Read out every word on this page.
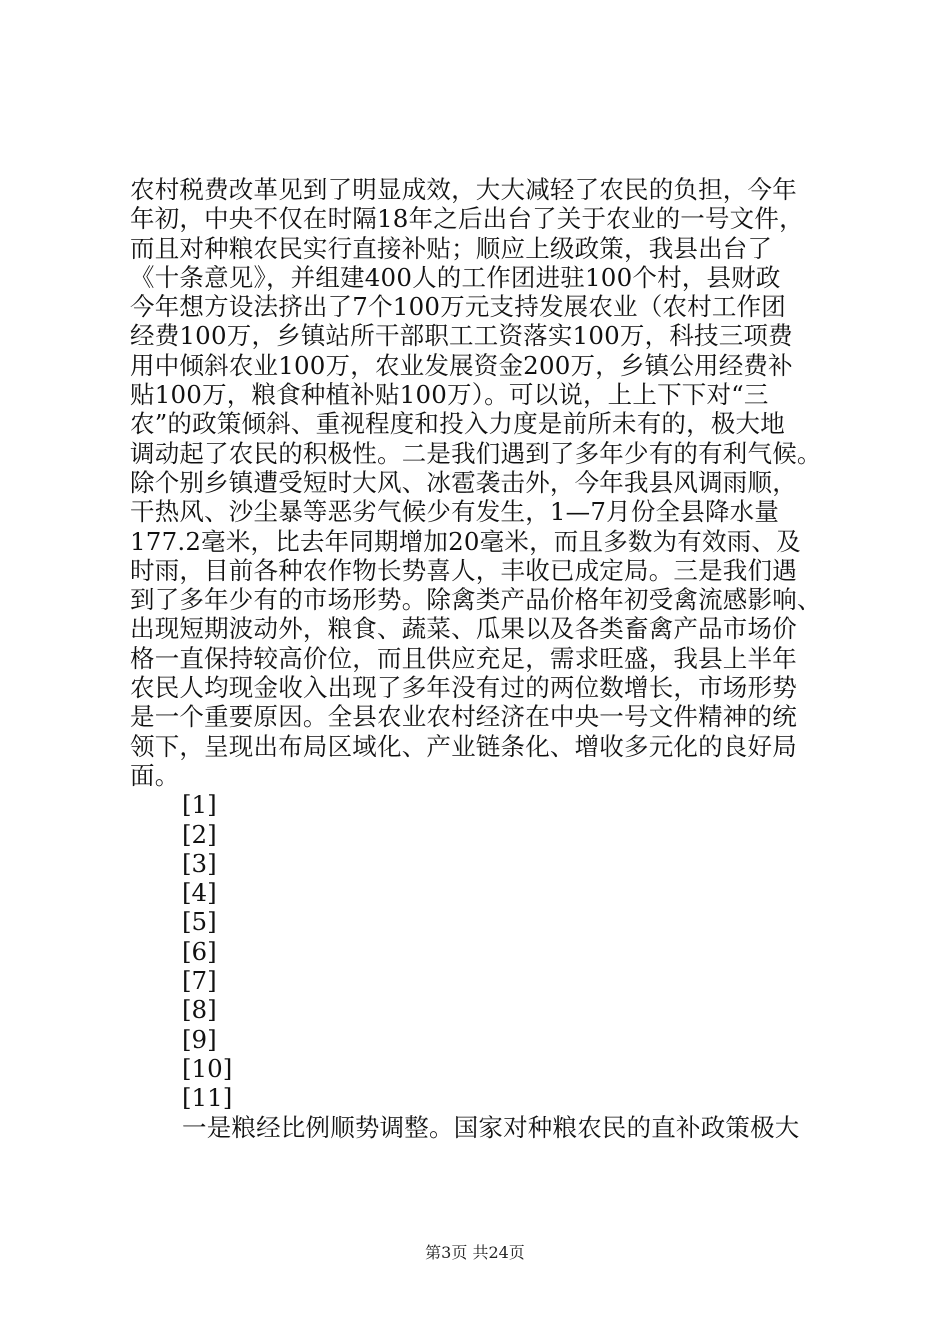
农村税费改革见到了明显成效，大大减轻了农民的负担，今年
年初，中央不仅在时隔18年之后出台了关于农业的一号文件，
而且对种粮农民实行直接补贴；顺应上级政策，我县出台了
《十条意见》，并组建400人的工作团进驻100个村，县财政
今年想方设法挤出了7个100万元支持发展农业（农村工作团
经费100万，乡镇站所干部职工工资落实100万，科技三项费
用中倾斜农业100万，农业发展资金200万，乡镇公用经费补
贴100万，粮食种植补贴100万）。可以说，上上下下对“三
农”的政策倾斜、重视程度和投入力度是前所未有的，极大地
调动起了农民的积极性。二是我们遇到了多年少有的有利气候。
除个别乡镇遭受短时大风、冰雹袭击外，今年我县风调雨顺，
干热风、沙尘暴等恶劣气候少有发生，1—7月份全县降水量
177.2毫米，比去年同期增加20毫米，而且多数为有效雨、及
时雨，目前各种农作物长势喜人，丰收已成定局。三是我们遇
到了多年少有的市场形势。除禽类产品价格年初受禽流感影响、
出现短期波动外，粮食、蔬菜、瓜果以及各类畜禽产品市场价
格一直保持较高价位，而且供应充足，需求旺盛，我县上半年
农民人均现金收入出现了多年没有过的两位数增长，市场形势
是一个重要原因。全县农业农村经济在中央一号文件精神的统
领下，呈现出布局区域化、产业链条化、增收多元化的良好局
面。
[1]
[2]
[3]
[4]
[5]
[6]
[7]
[8]
[9]
[10]
[11]
一是粮经比例顺势调整。国家对种粮农民的直补政策极大
第3页 共24页
